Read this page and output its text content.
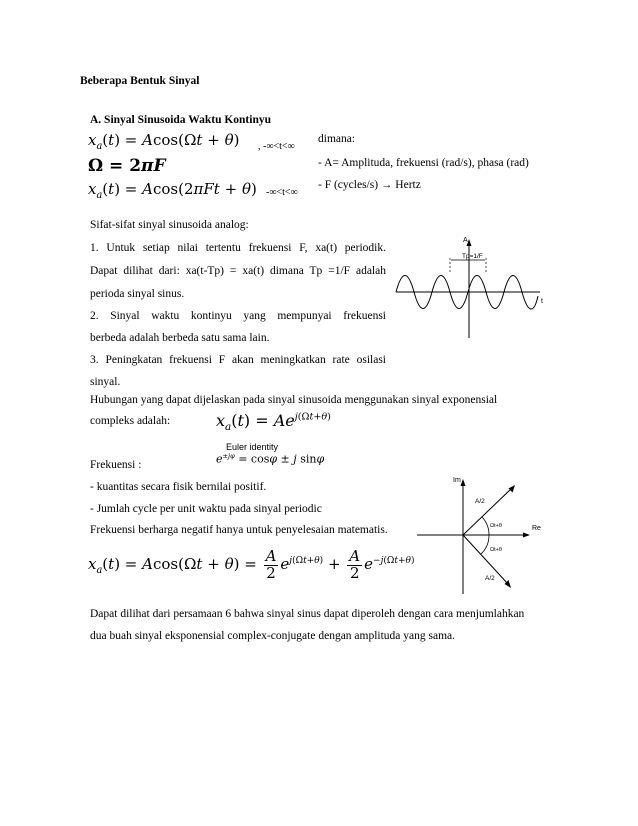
Beberapa Bentuk Sinyal
A. Sinyal Sinusoida Waktu Kontinyu
$x_a(t) = Acos(\Omega t + \theta)$ , -∞<t<∞
Ω = 2πF
$x_a(t) = Acos(2\pi Ft + \theta)$ -∞<t<∞
dimana:
- A= Amplituda, frekuensi (rad/s), phasa (rad)
- F (cycles/s) → Hertz
Sifat-sifat sinyal sinusoida analog:
1. Untuk setiap nilai tertentu frekuensi F, xa(t) periodik.
Dapat dilihat dari: xa(t-Tp) = xa(t) dimana Tp =1/F adalah
perioda sinyal sinus.
2. Sinyal waktu kontinyu yang mempunyai frekuensi
berbeda adalah berbeda satu sama lain.
3. Peningkatan frekuensi F akan meningkatkan rate osilasi
sinyal.
A
t
Tp=1/F
Hubungan yang dapat dijelaskan pada sinyal sinusoida menggunakan sinyal exponensial
compleks adalah:	$x_a(t) = Ae^{j(\Omega t+\theta)}$
Euler identity
$e^{\pm j\varphi} = \cos\varphi \pm j$ sinφ
Frekuensi :
- kuantitas secara fisik bernilai positif.
- Jumlah cycle per unit waktu pada sinyal periodic
Frekuensi berharga negatif hanya untuk penyelesaian matematis.
Im
Re
A/2
A/2
Ωt+θ
Ωt+θ
$x_a(t) = Acos(\Omega t + \theta) = \frac{A}{2} e^{j(\Omega t+\theta)} + \frac{A}{2} e^{-j(\Omega t+\theta)}$
Dapat dilihat dari persamaan 6 bahwa sinyal sinus dapat diperoleh dengan cara menjumlahkan
dua buah sinyal eksponensial complex-conjugate dengan amplituda yang sama.
